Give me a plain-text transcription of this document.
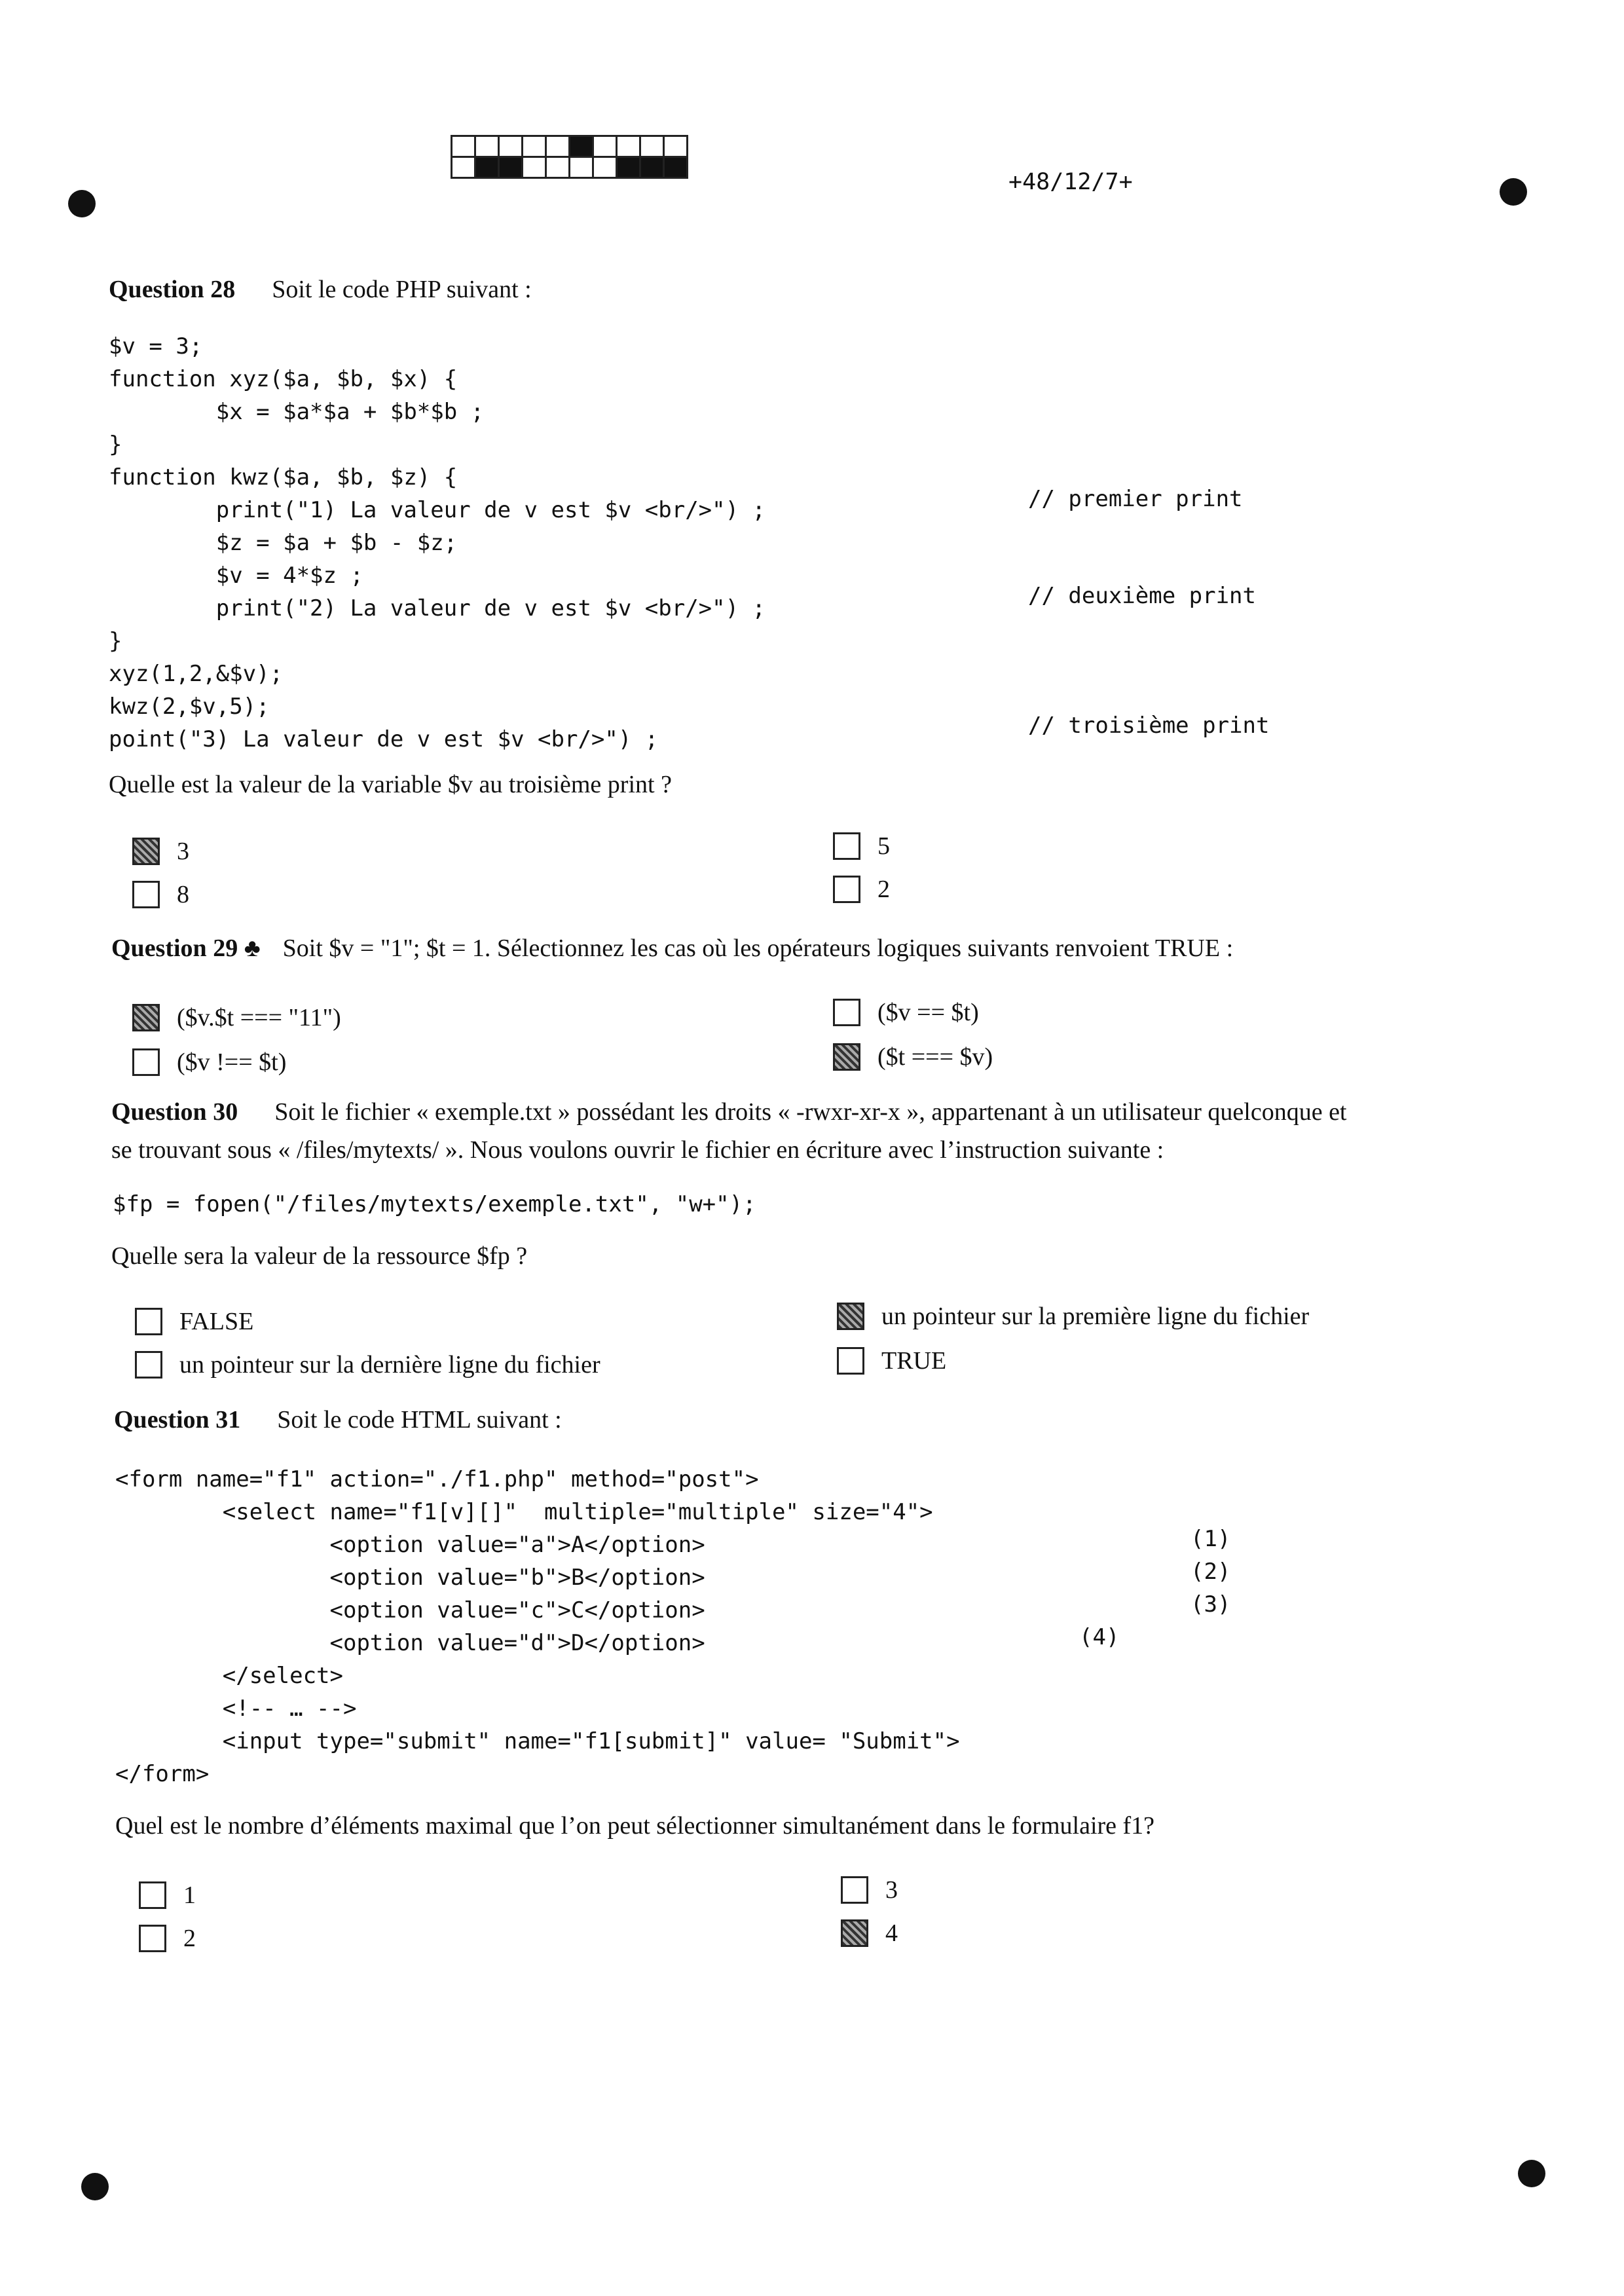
+48/12/7+
Question 28 Soit le code PHP suivant :
$v = 3;
function xyz($a, $b, $x) {
$x = $a*$a + $b*$b ;
}
function kwz($a, $b, $z) {
print("1) La valeur de v est $v <br/>") ;
$z = $a + $b - $z;
$v = 4*$z ;
print("2) La valeur de v est $v <br/>") ;
}
xyz(1,2,&$v);
kwz(2,$v,5);
point("3) La valeur de v est $v <br/>") ;
// premier print
// deuxième print
// troisième print
Quelle est la valeur de la variable $v au troisième print ?
3
8
5
2
Question 29 ♣ Soit $v = "1"; $t = 1. Sélectionnez les cas où les opérateurs logiques suivants renvoient TRUE :
($v.$t === "11")
($v !== $t)
($v == $t)
($t === $v)
Question 30 Soit le fichier « exemple.txt » possédant les droits « -rwxr-xr-x », appartenant à un utilisateur quelconque et
se trouvant sous « /files/mytexts/ ». Nous voulons ouvrir le fichier en écriture avec l’instruction suivante :
$fp = fopen("/files/mytexts/exemple.txt", "w+");
Quelle sera la valeur de la ressource $fp ?
FALSE
un pointeur sur la dernière ligne du fichier
un pointeur sur la première ligne du fichier
TRUE
Question 31 Soit le code HTML suivant :
<form name="f1" action="./f1.php" method="post">
<select name="f1[v][]"  multiple="multiple" size="4">
<option value="a">A</option>
<option value="b">B</option>
<option value="c">C</option>
<option value="d">D</option>
</select>
<!-- … -->
<input type="submit" name="f1[submit]" value= "Submit">
</form>
(1)
(2)
(3)
(4)
Quel est le nombre d’éléments maximal que l’on peut sélectionner simultanément dans le formulaire f1?
1
2
3
4
